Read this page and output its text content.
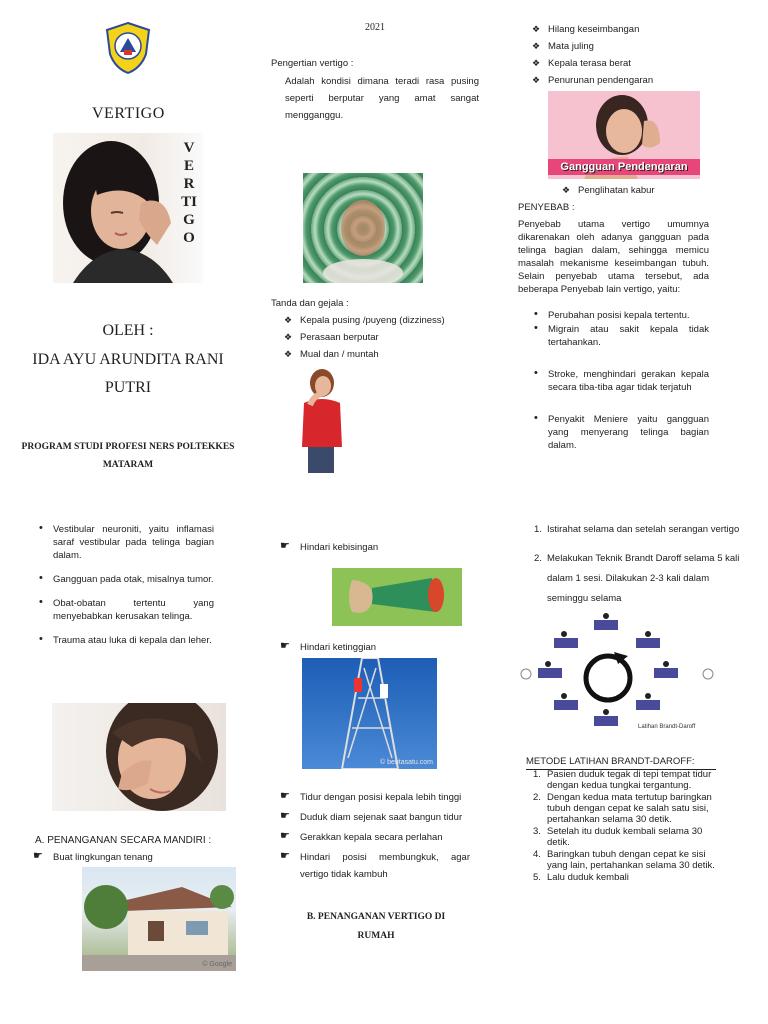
VERTIGO
VERTIGO
OLEH :
IDA AYU ARUNDITA RANI PUTRI
PROGRAM STUDI PROFESI NERS POLTEKKES MATARAM
2021
Pengertian vertigo :
Adalah kondisi dimana teradi rasa pusing seperti berputar yang amat sangat mengganggu.
Tanda dan gejala :
❖ Kepala pusing /puyeng (dizziness)
❖ Perasaan berputar
❖ Mual dan / muntah
❖ Hilang keseimbangan
❖ Mata juling
❖ Kepala terasa berat
❖ Penurunan pendengaran
Gangguan Pendengaran
❖ Penglihatan kabur
PENYEBAB :
Penyebab utama vertigo umumnya dikarenakan oleh adanya gangguan pada telinga bagian dalam, sehingga memicu masalah mekanisme keseimbangan tubuh. Selain penyebab utama tersebut, ada beberapa Penyebab lain vertigo, yaitu:
• Perubahan posisi kepala tertentu.
• Migrain atau sakit kepala tidak tertahankan.
• Stroke, menghindari gerakan kepala secara tiba-tiba agar tidak terjatuh
• Penyakit Meniere yaitu gangguan yang menyerang telinga bagian dalam.
• Vestibular neuroniti, yaitu inflamasi saraf vestibular pada telinga bagian dalam.
• Gangguan pada otak, misalnya tumor.
• Obat-obatan tertentu yang menyebabkan kerusakan telinga.
• Trauma atau luka di kepala dan leher.
A. PENANGANAN SECARA MANDIRI :
☛ Buat lingkungan tenang
© Google
☛ Hindari kebisingan
☛ Hindari ketinggian
© beritasatu.com
☛ Tidur dengan posisi kepala lebih tinggi
☛ Duduk diam sejenak saat bangun tidur
☛ Gerakkan kepala secara perlahan
☛ Hindari posisi membungkuk, agar vertigo tidak kambuh
B. PENANGANAN VERTIGO DI RUMAH
1. Istirahat selama dan setelah serangan vertigo
2. Melakukan Teknik Brandt Daroff selama 5 kali dalam 1 sesi. Dilakukan 2-3 kali dalam seminggu selama
Latihan Brandt-Daroff
METODE LATIHAN BRANDT-DAROFF:
1. Pasien duduk tegak di tepi tempat tidur dengan kedua tungkai tergantung.
2. Dengan kedua mata tertutup baringkan tubuh dengan cepat ke salah satu sisi, pertahankan selama 30 detik.
3. Setelah itu duduk kembali selama 30 detik.
4. Baringkan tubuh dengan cepat ke sisi yang lain, pertahankan selama 30 detik.
5. Lalu duduk kembali
